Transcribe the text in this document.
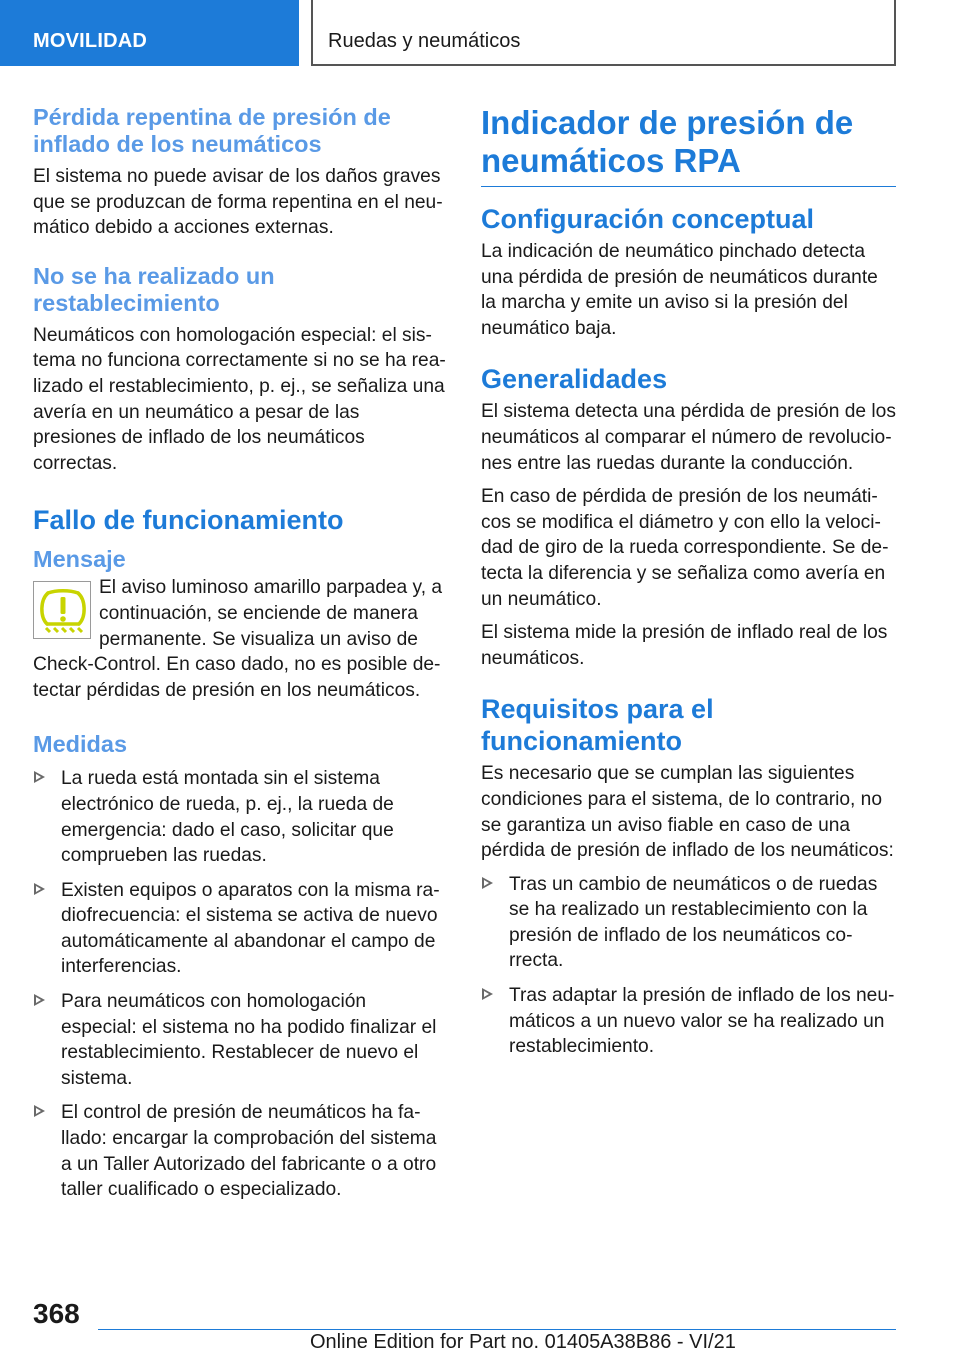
MOVILIDAD	Ruedas y neumáticos
Pérdida repentina de presión de inflado de los neumáticos

El sistema no puede avisar de los daños graves que se produzcan de forma repentina en el neumático debido a acciones externas.

No se ha realizado un restablecimiento

Neumáticos con homologación especial: el sistema no funciona correctamente si no se ha realizado el restablecimiento, p. ej., se señaliza una avería en un neumático a pesar de las presiones de inflado de los neumáticos correctas.

Fallo de funcionamiento
Mensaje

El aviso luminoso amarillo parpadea y, a continuación, se enciende de manera permanente. Se visualiza un aviso de Check-Control. En caso dado, no es posible detectar pérdidas de presión en los neumáticos.

Medidas
La rueda está montada sin el sistema electrónico de rueda, p. ej., la rueda de emergencia: dado el caso, solicitar que comprueben las ruedas.
Existen equipos o aparatos con la misma radiofrecuencia: el sistema se activa de nuevo automáticamente al abandonar el campo de interferencias.
Para neumáticos con homologación especial: el sistema no ha podido finalizar el restablecimiento. Restablecer de nuevo el sistema.
El control de presión de neumáticos ha fallado: encargar la comprobación del sistema a un Taller Autorizado del fabricante o a otro taller cualificado o especializado.
Indicador de presión de neumáticos RPA
Configuración conceptual

La indicación de neumático pinchado detecta una pérdida de presión de neumáticos durante la marcha y emite un aviso si la presión del neumático baja.

Generalidades

El sistema detecta una pérdida de presión de los neumáticos al comparar el número de revoluciones entre las ruedas durante la conducción.

En caso de pérdida de presión de los neumáticos se modifica el diámetro y con ello la velocidad de giro de la rueda correspondiente. Se detecta la diferencia y se señaliza como avería en un neumático.

El sistema mide la presión de inflado real de los neumáticos.

Requisitos para el funcionamiento

Es necesario que se cumplan las siguientes condiciones para el sistema, de lo contrario, no se garantiza un aviso fiable en caso de una pérdida de presión de inflado de los neumáticos:

Tras un cambio de neumáticos o de ruedas se ha realizado un restablecimiento con la presión de inflado de los neumáticos correcta.
Tras adaptar la presión de inflado de los neumáticos a un nuevo valor se ha realizado un restablecimiento.
368
Online Edition for Part no. 01405A38B86 - VI/21
